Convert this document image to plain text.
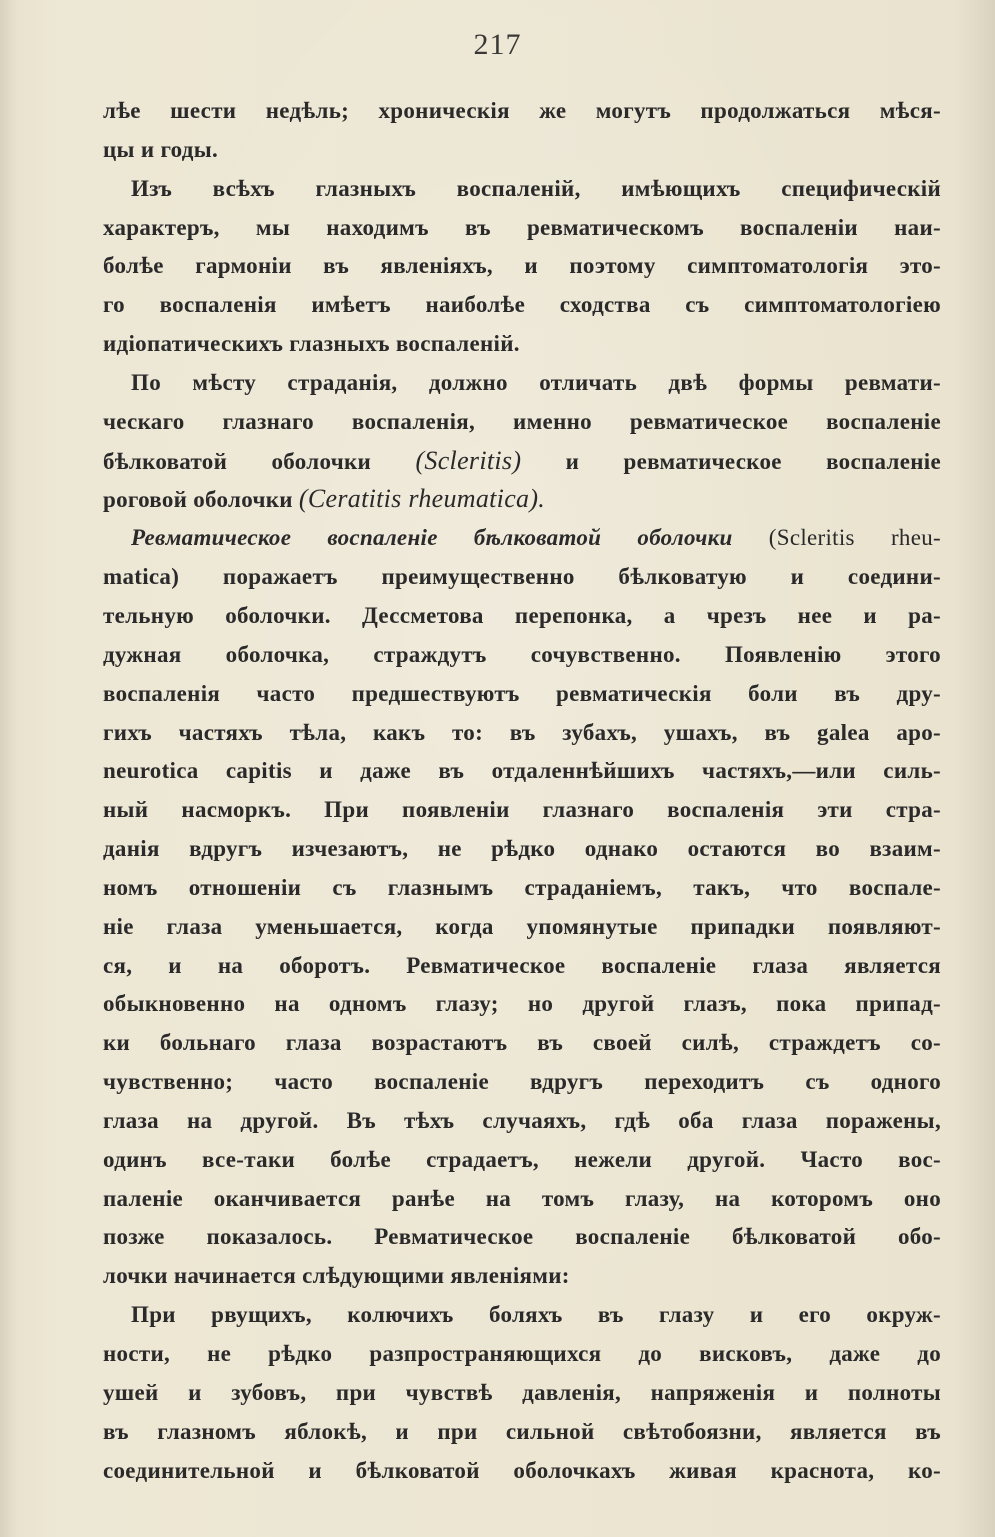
217
лѣе шести недѣль; хроническія же могутъ продолжаться мѣся-
цы и годы.
Изъ всѣхъ глазныхъ воспаленій, имѣющихъ специфическій
характеръ, мы находимъ въ ревматическомъ воспаленіи наи-
болѣе гармоніи въ явленіяхъ, и поэтому симптоматологія это-
го воспаленія имѣетъ наиболѣе сходства съ симптоматологіею
идіопатическихъ глазныхъ воспаленій.
По мѣсту страданія, должно отличать двѣ формы ревмати-
ческаго глазнаго воспаленія, именно ревматическое воспаленіе
бѣлковатой оболочки (Scleritis) и ревматическое воспаленіе
роговой оболочки (Ceratitis rheumatica).
Ревматическое воспаленіе бѣлковатой оболочки (Scleritis rheu-
matica) поражаетъ преимущественно бѣлковатую и соедини-
тельную оболочки. Десcметова перепонка, а чрезъ нее и ра-
дужная оболочка, страждутъ сочувственно. Появленію этого
воспаленія часто предшествуютъ ревматическія боли въ дру-
гихъ частяхъ тѣла, какъ то: въ зубахъ, ушахъ, въ galea apo-
neurotica capitis и даже въ отдаленнѣйшихъ частяхъ,—или силь-
ный насморкъ. При появленіи глазнаго воспаленія эти стра-
данія вдругъ изчезаютъ, не рѣдко однако остаются во взаим-
номъ отношеніи съ глазнымъ страданіемъ, такъ, что воспале-
ніе глаза уменьшается, когда упомянутые припадки появляют-
ся, и на оборотъ. Ревматическое воспаленіе глаза является
обыкновенно на одномъ глазу; но другой глазъ, пока припад-
ки больнаго глаза возрастаютъ въ своей силѣ, страждетъ со-
чувственно; часто воспаленіе вдругъ переходитъ съ одного
глаза на другой. Въ тѣхъ случаяхъ, гдѣ оба глаза поражены,
одинъ все-таки болѣе страдаетъ, нежели другой. Часто вос-
паленіе оканчивается ранѣе на томъ глазу, на которомъ оно
позже показалось. Ревматическое воспаленіе бѣлковатой обо-
лочки начинается слѣдующими явленіями:
При рвущихъ, колючихъ боляхъ въ глазу и его окруж-
ности, не рѣдко разпространяющихся до висковъ, даже до
ушей и зубовъ, при чувствѣ давленія, напряженія и полноты
въ глазномъ яблокѣ, и при сильной свѣтобоязни, является въ
соединительной и бѣлковатой оболочкахъ живая краснота, ко-
